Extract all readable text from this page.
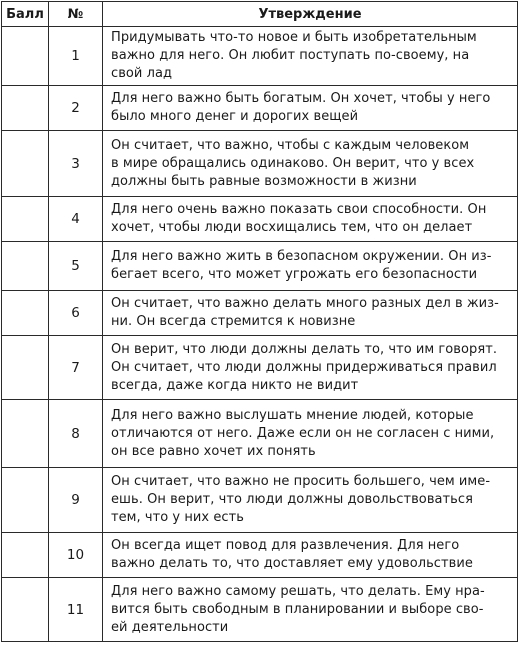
Балл	№	Утверждение
	1	Придумывать что-то новое и быть изобретательным
важно для него. Он любит поступать по-своему, на
свой лад
	2	Для него важно быть богатым. Он хочет, чтобы у него
было много денег и дорогих вещей
	3	Он считает, что важно, чтобы с каждым человеком
в мире обращались одинаково. Он верит, что у всех
должны быть равные возможности в жизни
	4	Для него очень важно показать свои способности. Он
хочет, чтобы люди восхищались тем, что он делает
	5	Для него важно жить в безопасном окружении. Он из-
бегает всего, что может угрожать его безопасности
	6	Он считает, что важно делать много разных дел в жиз-
ни. Он всегда стремится к новизне
	7	Он верит, что люди должны делать то, что им говорят.
Он считает, что люди должны придерживаться правил
всегда, даже когда никто не видит
	8	Для него важно выслушать мнение людей, которые
отличаются от него. Даже если он не согласен с ними,
он все равно хочет их понять
	9	Он считает, что важно не просить большего, чем име-
ешь. Он верит, что люди должны довольствоваться
тем, что у них есть
	10	Он всегда ищет повод для развлечения. Для него
важно делать то, что доставляет ему удовольствие
	11	Для него важно самому решать, что делать. Ему нра-
вится быть свободным в планировании и выборе сво-
ей деятельности
